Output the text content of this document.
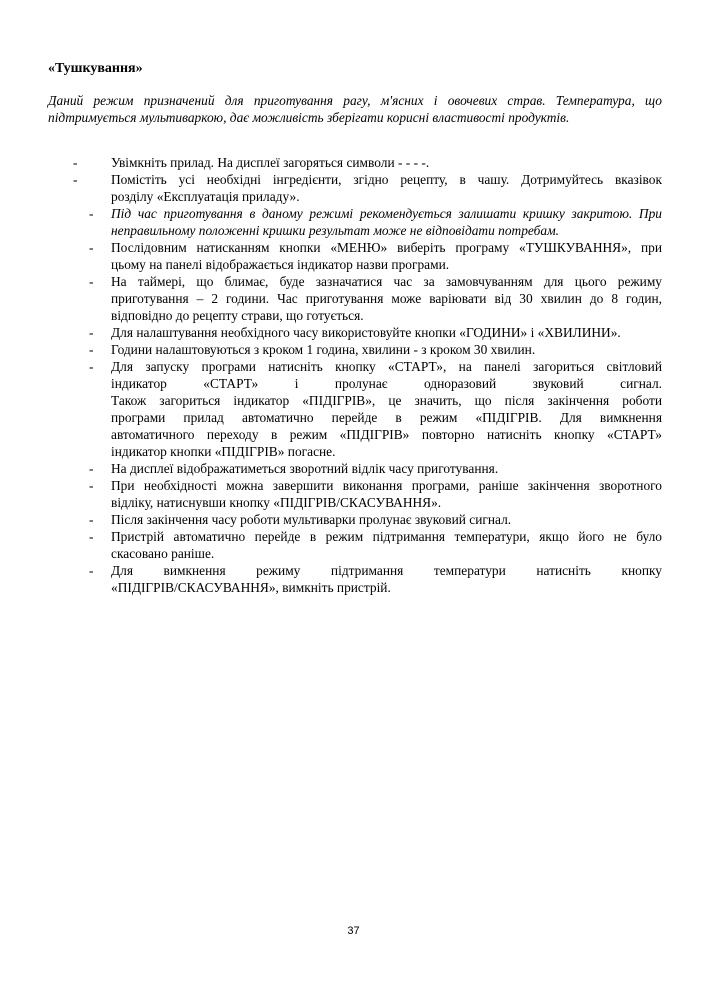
«Тушкування»
Даний режим призначений для приготування рагу, м'ясних і овочевих страв. Температура, що
підтримується мультиваркою, дає можливість зберігати корисні властивості продуктів.
-	Увімкніть прилад. На дисплеї загоряться символи - - - -.
-	Помістіть усі необхідні інгредієнти, згідно рецепту, в чашу. Дотримуйтесь вказівок
розділу «Експлуатація приладу».
- Під час приготування в даному режимі рекомендується залишати кришку закритою. При
неправильному положенні кришки результат може не відповідати потребам.
- Послідовним натисканням кнопки «МЕНЮ» виберіть програму «ТУШКУВАННЯ», при
цьому на панелі відображається індикатор назви програми.
- На таймері, що блимає, буде зазначатися час за замовчуванням для цього режиму
приготування – 2 години. Час приготування може варіювати від 30 хвилин до 8 годин,
відповідно до рецепту страви, що готується.
- Для налаштування необхідного часу використовуйте кнопки «ГОДИНИ» і «ХВИЛИНИ».
- Години налаштовуються з кроком 1 година, хвилини - з кроком 30 хвилин.
- Для запуску програми натисніть кнопку «СТАРТ», на панелі загориться світловий
індикатор «СТАРТ» і пролунає одноразовий звуковий сигнал.
Також загориться індикатор «ПІДІГРІВ», це значить, що після закінчення роботи
програми прилад автоматично перейде в режим «ПІДІГРІВ. Для вимкнення
автоматичного переходу в режим «ПІДІГРІВ» повторно натисніть кнопку «СТАРТ»
індикатор кнопки «ПІДІГРІВ» погасне.
- На дисплеї відображатиметься зворотний відлік часу приготування.
- При необхідності можна завершити виконання програми, раніше закінчення зворотного
відліку, натиснувши кнопку «ПІДІГРІВ/СКАСУВАННЯ».
- Після закінчення часу роботи мультиварки пролунає звуковий сигнал.
- Пристрій автоматично перейде в режим підтримання температури, якщо його не було
скасовано раніше.
- Для вимкнення режиму підтримання температури натисніть кнопку
«ПІДІГРІВ/СКАСУВАННЯ», вимкніть пристрій.
37
